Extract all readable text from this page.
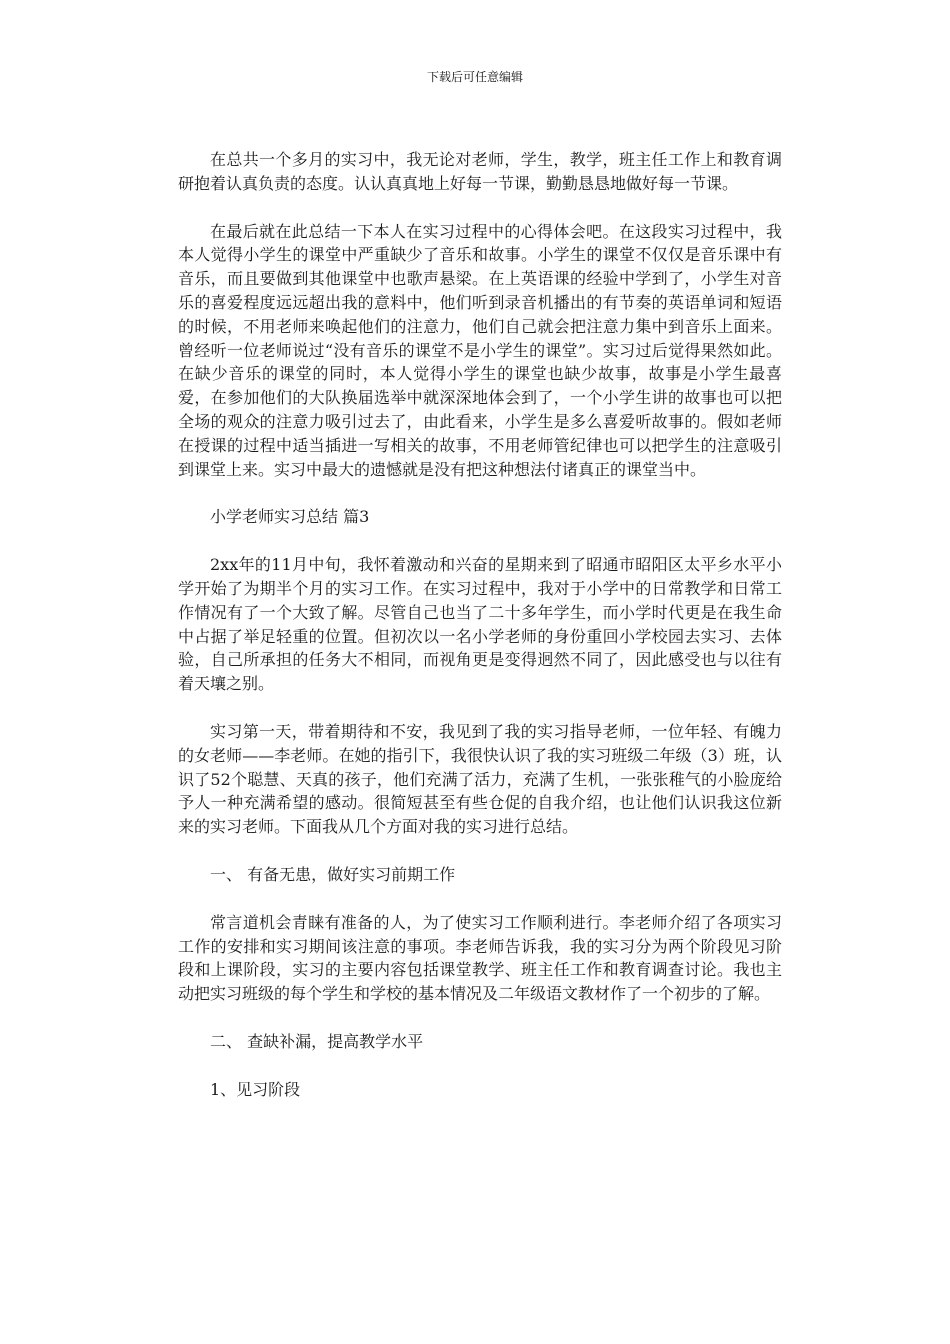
下载后可任意编辑

在总共一个多月的实习中，我无论对老师，学生，教学，班主任工作上和教育调研抱着认真负责的态度。认认真真地上好每一节课，勤勤恳恳地做好每一节课。

在最后就在此总结一下本人在实习过程中的心得体会吧。在这段实习过程中，我本人觉得小学生的课堂中严重缺少了音乐和故事。小学生的课堂不仅仅是音乐课中有音乐，而且要做到其他课堂中也歌声悬梁。在上英语课的经验中学到了，小学生对音乐的喜爱程度远远超出我的意料中，他们听到录音机播出的有节奏的英语单词和短语的时候，不用老师来唤起他们的注意力，他们自己就会把注意力集中到音乐上面来。曾经听一位老师说过“没有音乐的课堂不是小学生的课堂”。实习过后觉得果然如此。在缺少音乐的课堂的同时，本人觉得小学生的课堂也缺少故事，故事是小学生最喜爱，在参加他们的大队换届选举中就深深地体会到了，一个小学生讲的故事也可以把全场的观众的注意力吸引过去了，由此看来，小学生是多么喜爱听故事的。假如老师在授课的过程中适当插进一写相关的故事，不用老师管纪律也可以把学生的注意吸引到课堂上来。实习中最大的遗憾就是没有把这种想法付诸真正的课堂当中。

小学老师实习总结 篇3

2xx年的11月中旬，我怀着激动和兴奋的星期来到了昭通市昭阳区太平乡水平小学开始了为期半个月的实习工作。在实习过程中，我对于小学中的日常教学和日常工作情况有了一个大致了解。尽管自己也当了二十多年学生，而小学时代更是在我生命中占据了举足轻重的位置。但初次以一名小学老师的身份重回小学校园去实习、去体验，自己所承担的任务大不相同，而视角更是变得迥然不同了，因此感受也与以往有着天壤之别。

实习第一天，带着期待和不安，我见到了我的实习指导老师，一位年轻、有魄力的女老师——李老师。在她的指引下，我很快认识了我的实习班级二年级（3）班，认识了52个聪慧、天真的孩子，他们充满了活力，充满了生机，一张张稚气的小脸庞给予人一种充满希望的感动。很简短甚至有些仓促的自我介绍，也让他们认识我这位新来的实习老师。下面我从几个方面对我的实习进行总结。

一、 有备无患，做好实习前期工作

常言道机会青睐有准备的人，为了使实习工作顺利进行。李老师介绍了各项实习工作的安排和实习期间该注意的事项。李老师告诉我，我的实习分为两个阶段见习阶段和上课阶段，实习的主要内容包括课堂教学、班主任工作和教育调查讨论。我也主动把实习班级的每个学生和学校的基本情况及二年级语文教材作了一个初步的了解。

二、 查缺补漏，提高教学水平

1、见习阶段
